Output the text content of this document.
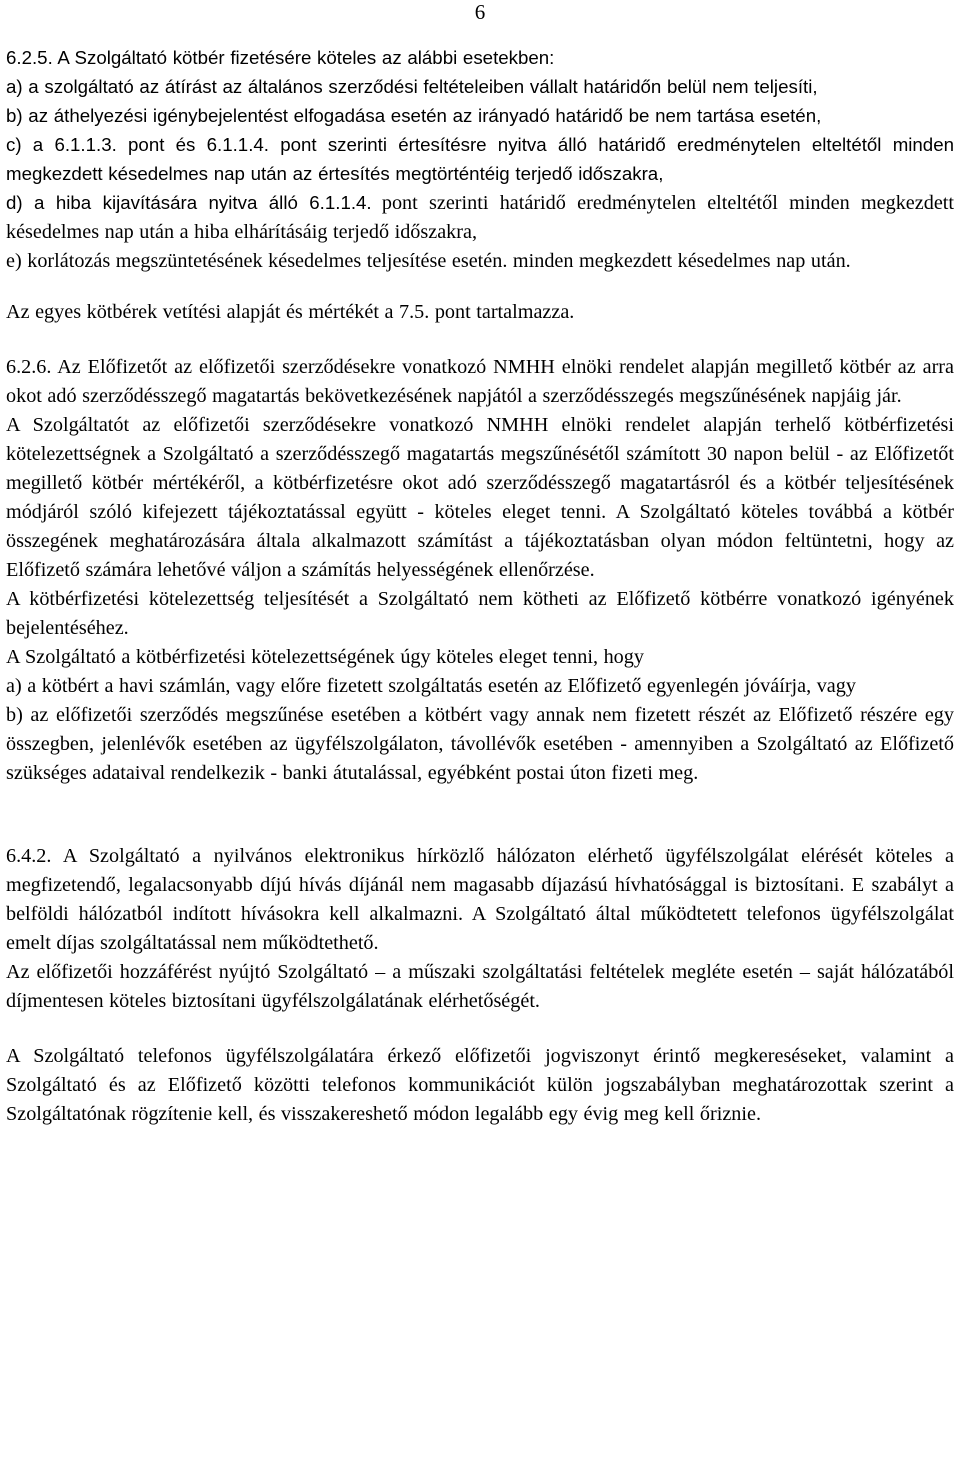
6

6.2.5. A Szolgáltató kötbér fizetésére köteles az alábbi esetekben:

a) a szolgáltató az átírást az általános szerződési feltételeiben vállalt határidőn belül nem teljesíti,

b) az áthelyezési igénybejelentést elfogadása esetén az irányadó határidő be nem tartása esetén,

c) a 6.1.1.3. pont és 6.1.1.4. pont szerinti értesítésre nyitva álló határidő eredménytelen elteltétől minden megkezdett késedelmes nap után az értesítés megtörténtéig terjedő időszakra,

d) a hiba kijavítására nyitva álló 6.1.1.4. pont szerinti határidő eredménytelen elteltétől minden megkezdett késedelmes nap után a hiba elhárításáig terjedő időszakra,

e) korlátozás megszüntetésének késedelmes teljesítése esetén. minden megkezdett késedelmes nap után.

Az egyes kötbérek vetítési alapját és mértékét a 7.5. pont tartalmazza.

6.2.6. Az Előfizetőt az előfizetői szerződésekre vonatkozó NMHH elnöki rendelet alapján megillető kötbér az arra okot adó szerződésszegő magatartás bekövetkezésének napjától a szerződésszegés megszűnésének napjáig jár.

A Szolgáltatót az előfizetői szerződésekre vonatkozó NMHH elnöki rendelet alapján terhelő kötbérfizetési kötelezettségnek a Szolgáltató a szerződésszegő magatartás megszűnésétől számított 30 napon belül - az Előfizetőt megillető kötbér mértékéről, a kötbérfizetésre okot adó szerződésszegő magatartásról és a kötbér teljesítésének módjáról szóló kifejezett tájékoztatással együtt - köteles eleget tenni. A Szolgáltató köteles továbbá a kötbér összegének meghatározására általa alkalmazott számítást a tájékoztatásban olyan módon feltüntetni, hogy az Előfizető számára lehetővé váljon a számítás helyességének ellenőrzése.

A kötbérfizetési kötelezettség teljesítését a Szolgáltató nem kötheti az Előfizető kötbérre vonatkozó igényének bejelentéséhez.

A Szolgáltató a kötbérfizetési kötelezettségének úgy köteles eleget tenni, hogy

a) a kötbért a havi számlán, vagy előre fizetett szolgáltatás esetén az Előfizető egyenlegén jóváírja, vagy

b) az előfizetői szerződés megszűnése esetében a kötbért vagy annak nem fizetett részét az Előfizető részére egy összegben, jelenlévők esetében az ügyfélszolgálaton, távollévők esetében - amennyiben a Szolgáltató az Előfizető szükséges adataival rendelkezik - banki átutalással, egyébként postai úton fizeti meg.

6.4.2. A Szolgáltató a nyilvános elektronikus hírközlő hálózaton elérhető ügyfélszolgálat elérését köteles a megfizetendő, legalacsonyabb díjú hívás díjánál nem magasabb díjazású hívhatósággal is biztosítani. E szabályt a belföldi hálózatból indított hívásokra kell alkalmazni. A Szolgáltató által működtetett telefonos ügyfélszolgálat emelt díjas szolgáltatással nem működtethető.

Az előfizetői hozzáférést nyújtó Szolgáltató – a műszaki szolgáltatási feltételek megléte esetén – saját hálózatából díjmentesen köteles biztosítani ügyfélszolgálatának elérhetőségét.

A Szolgáltató telefonos ügyfélszolgálatára érkező előfizetői jogviszonyt érintő megkereséseket, valamint a Szolgáltató és az Előfizető közötti telefonos kommunikációt külön jogszabályban meghatározottak szerint a Szolgáltatónak rögzítenie kell, és visszakereshető módon legalább egy évig meg kell őriznie.
